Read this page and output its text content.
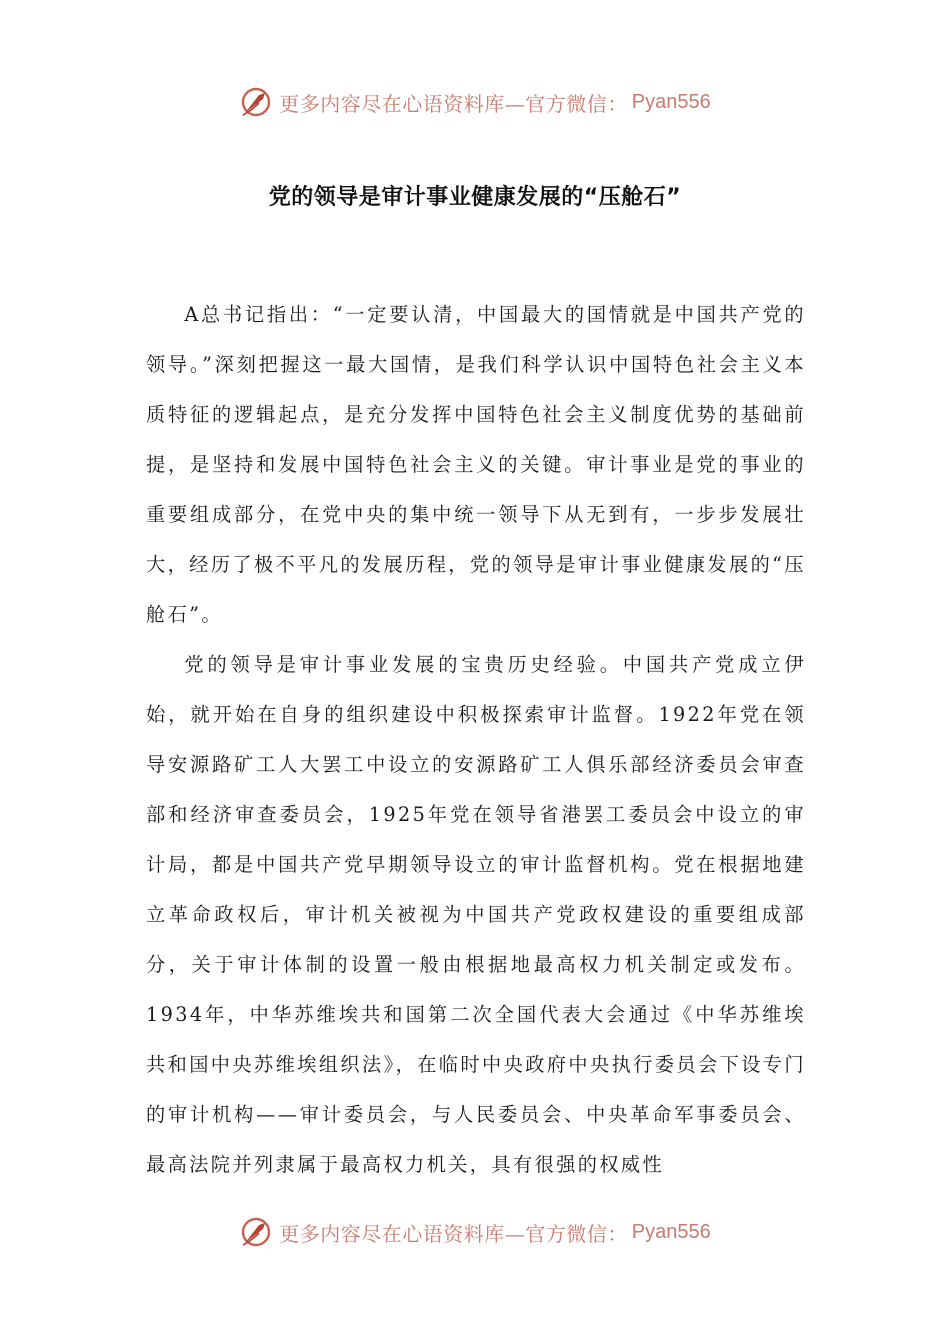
更多内容尽在心语资料库—官方微信： Pyan556
党的领导是审计事业健康发展的“压舱石”

A总书记指出：“一定要认清，中国最大的国情就是中国共产党的领导。”深刻把握这一最大国情，是我们科学认识中国特色社会主义本质特征的逻辑起点，是充分发挥中国特色社会主义制度优势的基础前提，是坚持和发展中国特色社会主义的关键。审计事业是党的事业的重要组成部分，在党中央的集中统一领导下从无到有，一步步发展壮大，经历了极不平凡的发展历程，党的领导是审计事业健康发展的“压舱石”。

党的领导是审计事业发展的宝贵历史经验。中国共产党成立伊始，就开始在自身的组织建设中积极探索审计监督。1922年党在领导安源路矿工人大罢工中设立的安源路矿工人俱乐部经济委员会审查部和经济审查委员会，1925年党在领导省港罢工委员会中设立的审计局，都是中国共产党早期领导设立的审计监督机构。党在根据地建立革命政权后，审计机关被视为中国共产党政权建设的重要组成部分，关于审计体制的设置一般由根据地最高权力机关制定或发布。1934年，中华苏维埃共和国第二次全国代表大会通过《中华苏维埃共和国中央苏维埃组织法》，在临时中央政府中央执行委员会下设专门的审计机构——审计委员会，与人民委员会、中央革命军事委员会、最高法院并列隶属于最高权力机关，具有很强的权威性

更多内容尽在心语资料库—官方微信： Pyan556
